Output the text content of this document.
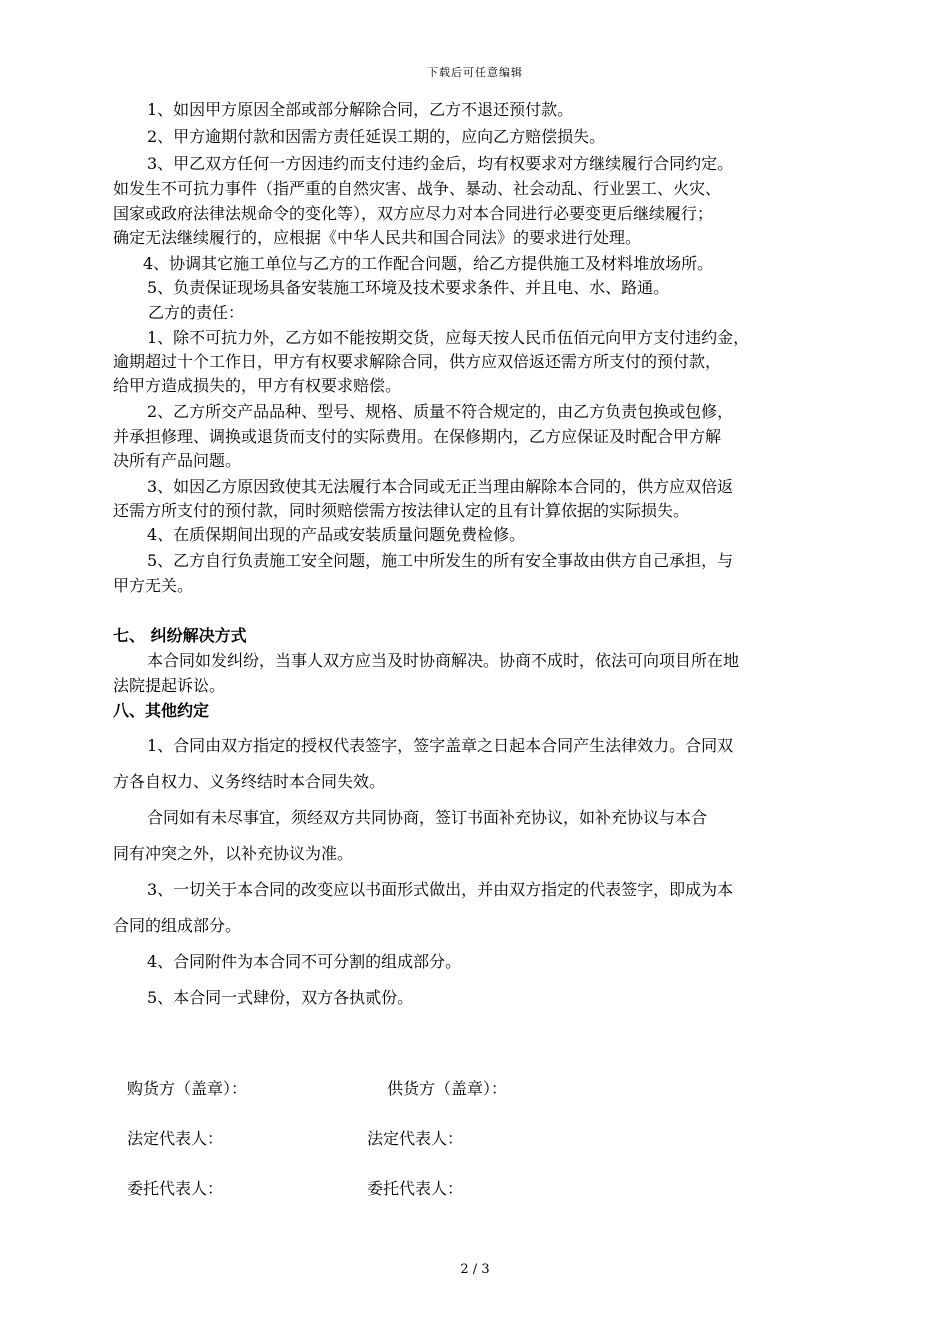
下载后可任意编辑
1、如因甲方原因全部或部分解除合同，乙方不退还预付款。
2、甲方逾期付款和因需方责任延误工期的，应向乙方赔偿损失。
3、甲乙双方任何一方因违约而支付违约金后，均有权要求对方继续履行合同约定。
如发生不可抗力事件（指严重的自然灾害、战争、暴动、社会动乱、行业罢工、火灾、
国家或政府法律法规命令的变化等），双方应尽力对本合同进行必要变更后继续履行；
确定无法继续履行的，应根据《中华人民共和国合同法》的要求进行处理。
4、协调其它施工单位与乙方的工作配合问题，给乙方提供施工及材料堆放场所。
5、负责保证现场具备安装施工环境及技术要求条件、并且电、水、路通。
乙方的责任：
1、除不可抗力外，乙方如不能按期交货，应每天按人民币伍佰元向甲方支付违约金，
逾期超过十个工作日，甲方有权要求解除合同，供方应双倍返还需方所支付的预付款，
给甲方造成损失的，甲方有权要求赔偿。
2、乙方所交产品品种、型号、规格、质量不符合规定的，由乙方负责包换或包修，
并承担修理、调换或退货而支付的实际费用。在保修期内，乙方应保证及时配合甲方解
决所有产品问题。
3、如因乙方原因致使其无法履行本合同或无正当理由解除本合同的，供方应双倍返
还需方所支付的预付款，同时须赔偿需方按法律认定的且有计算依据的实际损失。
4、在质保期间出现的产品或安装质量问题免费检修。
5、乙方自行负责施工安全问题，施工中所发生的所有安全事故由供方自己承担，与
甲方无关。
七、 纠纷解决方式
本合同如发纠纷，当事人双方应当及时协商解决。协商不成时，依法可向项目所在地
法院提起诉讼。
八、其他约定
1、合同由双方指定的授权代表签字，签字盖章之日起本合同产生法律效力。合同双
方各自权力、义务终结时本合同失效。
合同如有未尽事宜，须经双方共同协商，签订书面补充协议，如补充协议与本合
同有冲突之外，以补充协议为准。
3、一切关于本合同的改变应以书面形式做出，并由双方指定的代表签字，即成为本
合同的组成部分。
4、合同附件为本合同不可分割的组成部分。
5、本合同一式肆份，双方各执贰份。
购货方（盖章）：	供货方（盖章）：
法定代表人：	法定代表人：
委托代表人：	委托代表人：
2 / 3
